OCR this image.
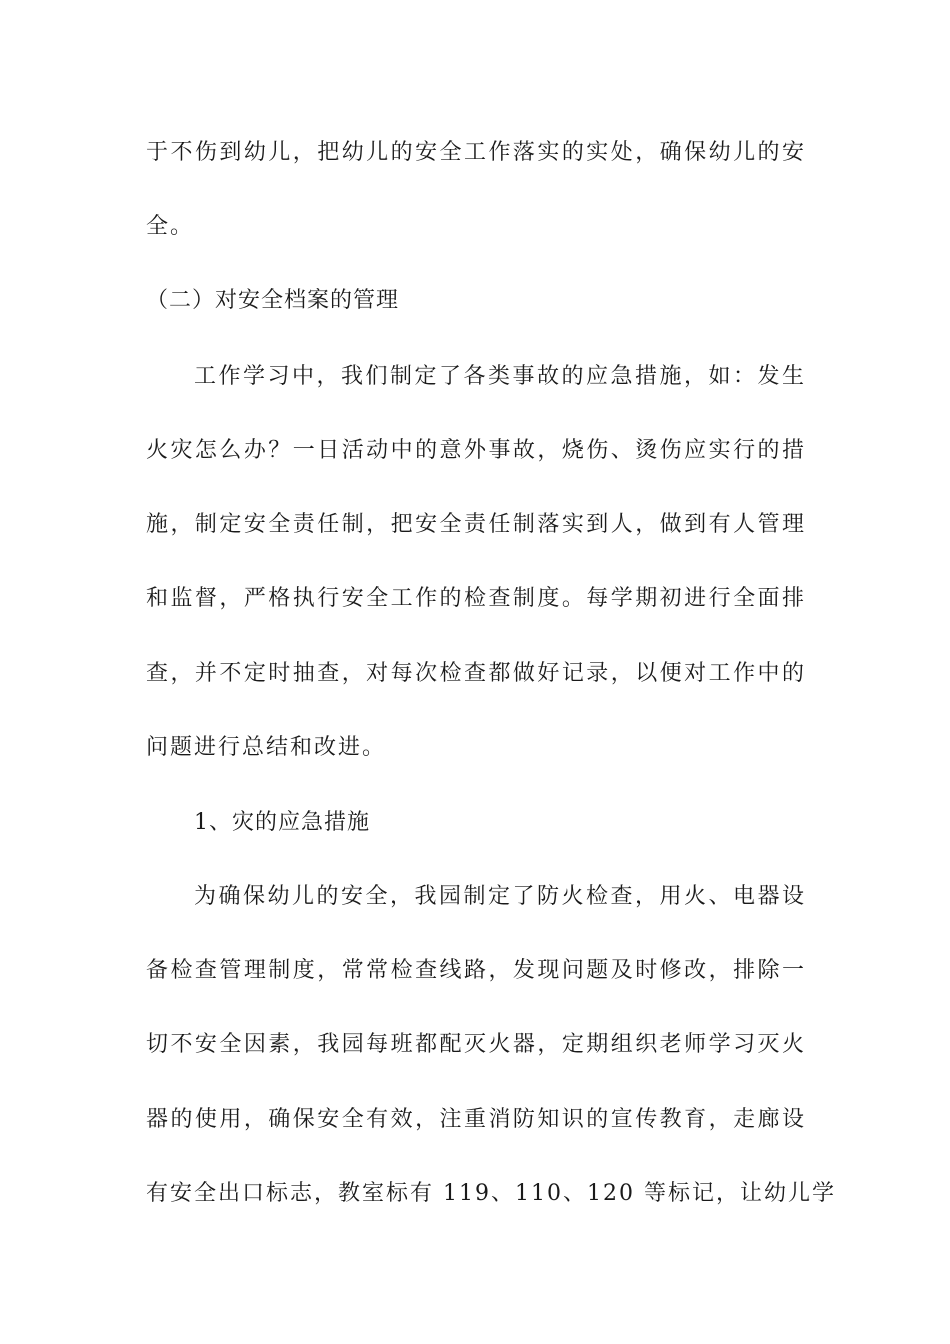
于不伤到幼儿，把幼儿的安全工作落实的实处，确保幼儿的安
全。
（二）对安全档案的管理
工作学习中，我们制定了各类事故的应急措施，如：发生
火灾怎么办？一日活动中的意外事故，烧伤、烫伤应实行的措
施，制定安全责任制，把安全责任制落实到人，做到有人管理
和监督，严格执行安全工作的检查制度。每学期初进行全面排
查，并不定时抽查，对每次检查都做好记录，以便对工作中的
问题进行总结和改进。
1、灾的应急措施
为确保幼儿的安全，我园制定了防火检查，用火、电器设
备检查管理制度，常常检查线路，发现问题及时修改，排除一
切不安全因素，我园每班都配灭火器，定期组织老师学习灭火
器的使用，确保安全有效，注重消防知识的宣传教育，走廊设
有安全出口标志，教室标有 119、110、120 等标记，让幼儿学
